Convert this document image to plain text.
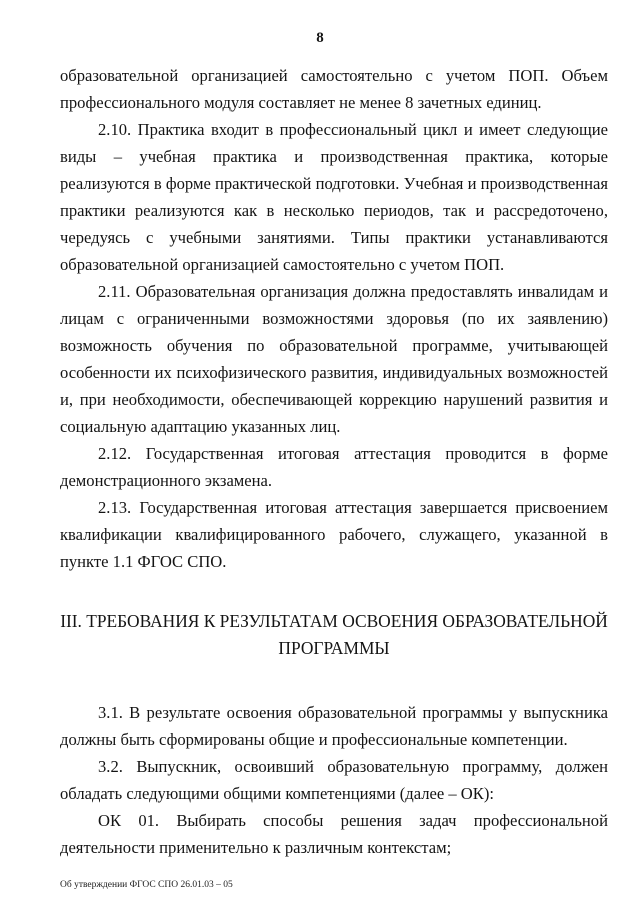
8

образовательной организацией самостоятельно с учетом ПОП. Объем профессионального модуля составляет не менее 8 зачетных единиц.

2.10. Практика входит в профессиональный цикл и имеет следующие виды – учебная практика и производственная практика, которые реализуются в форме практической подготовки. Учебная и производственная практики реализуются как в несколько периодов, так и рассредоточено, чередуясь с учебными занятиями. Типы практики устанавливаются образовательной организацией самостоятельно с учетом ПОП.

2.11. Образовательная организация должна предоставлять инвалидам и лицам с ограниченными возможностями здоровья (по их заявлению) возможность обучения по образовательной программе, учитывающей особенности их психофизического развития, индивидуальных возможностей и, при необходимости, обеспечивающей коррекцию нарушений развития и социальную адаптацию указанных лиц.

2.12. Государственная итоговая аттестация проводится в форме демонстрационного экзамена.

2.13. Государственная итоговая аттестация завершается присвоением квалификации квалифицированного рабочего, служащего, указанной в пункте 1.1 ФГОС СПО.

III. ТРЕБОВАНИЯ К РЕЗУЛЬТАТАМ ОСВОЕНИЯ ОБРАЗОВАТЕЛЬНОЙ ПРОГРАММЫ

3.1. В результате освоения образовательной программы у выпускника должны быть сформированы общие и профессиональные компетенции.

3.2. Выпускник, освоивший образовательную программу, должен обладать следующими общими компетенциями (далее – ОК):

ОК 01. Выбирать способы решения задач профессиональной деятельности применительно к различным контекстам;

Об утверждении ФГОС СПО 26.01.03 – 05
